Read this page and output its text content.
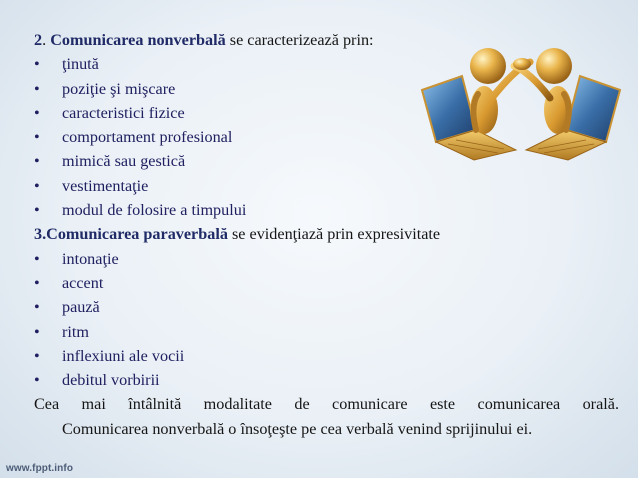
2. Comunicarea nonverbală se caracterizează prin:
•	ţinută
•	poziţie şi mişcare
•	caracteristici fizice
•	comportament profesional
•	mimică sau gestică
•	vestimentaţie
•	modul de folosire a timpului
3.Comunicarea paraverbală se evidenţiază prin expresivitate
•	intonaţie
•	accent
•	pauză
•	ritm
•	inflexiuni ale vocii
•	debitul vorbirii
Cea mai întâlnită modalitate de comunicare este comunicarea orală.
Comunicarea nonverbală o însoţeşte pe cea verbală venind sprijinului ei.
www.fppt.info
